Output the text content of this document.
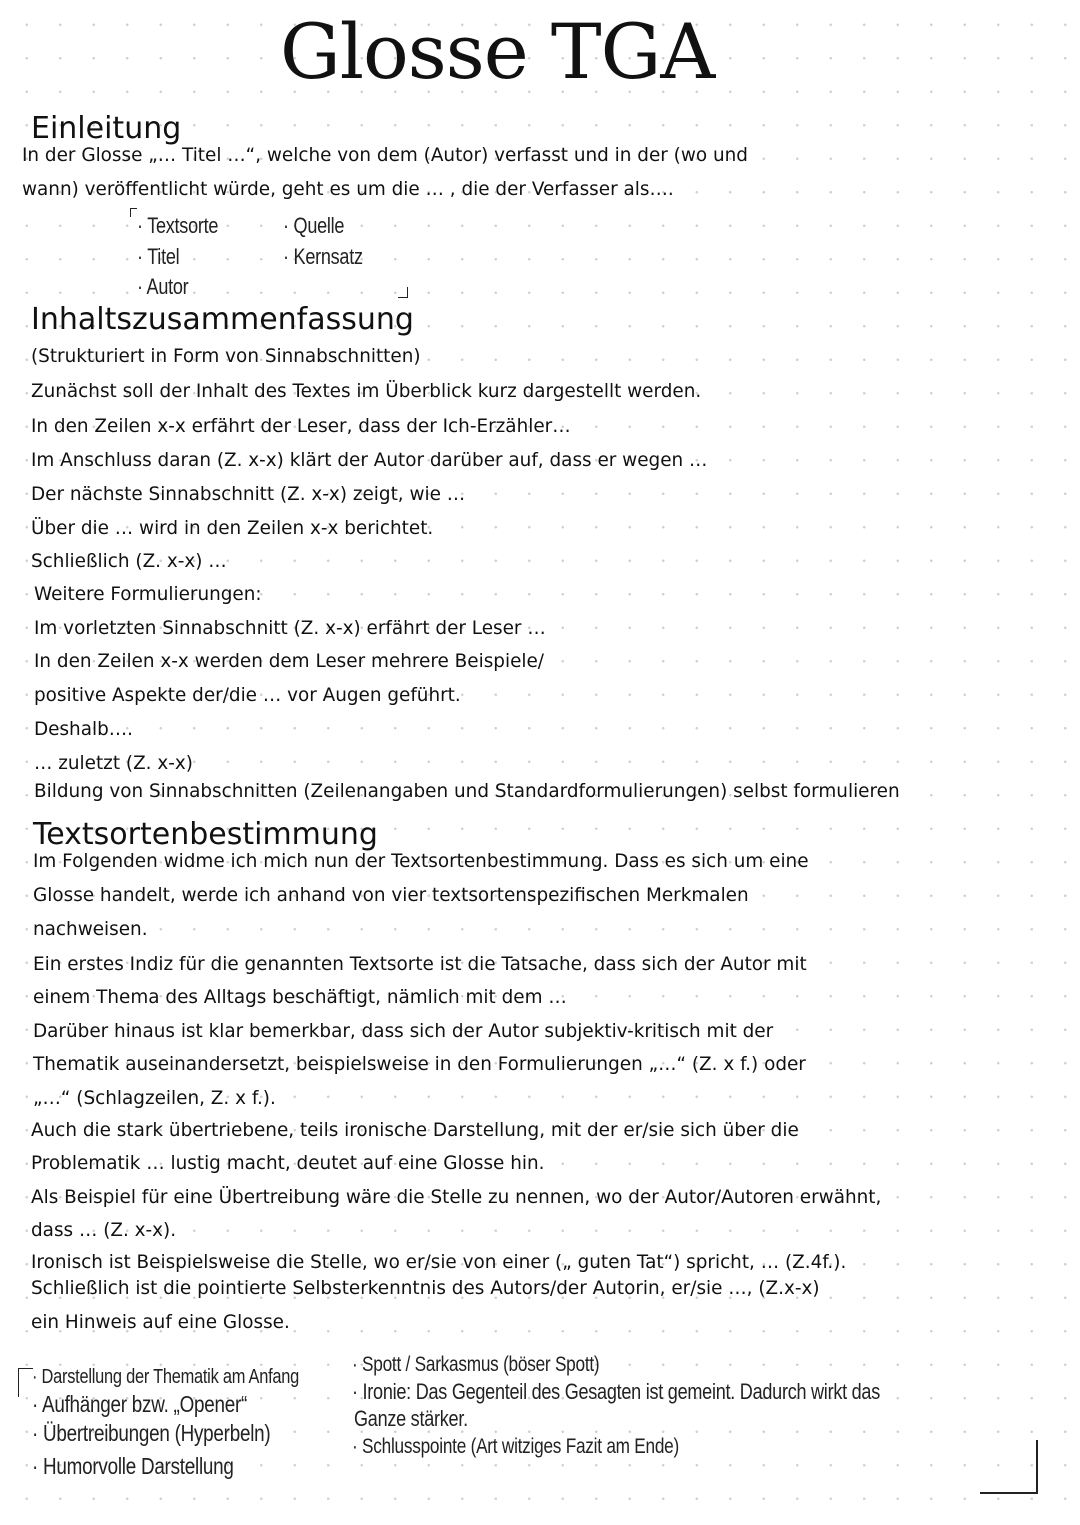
Glosse TGA
Einleitung
In der Glosse „… Titel …“, welche von dem (Autor) verfasst und in der (wo und
wann) veröffentlicht würde, geht es um die … , die der Verfasser als….
· Textsorte
· Titel
· Autor
· Quelle
· Kernsatz
Inhaltszusammenfassung
(Strukturiert in Form von Sinnabschnitten)
Zunächst soll der Inhalt des Textes im Überblick kurz dargestellt werden.
In den Zeilen x-x erfährt der Leser, dass der Ich-Erzähler…
Im Anschluss daran (Z. x-x) klärt der Autor darüber auf, dass er wegen …
Der nächste Sinnabschnitt (Z. x-x) zeigt, wie …
Über die … wird in den Zeilen x-x berichtet.
Schließlich (Z. x-x) …
Weitere Formulierungen:
Im vorletzten Sinnabschnitt (Z. x-x) erfährt der Leser …
In den Zeilen x-x werden dem Leser mehrere Beispiele/
positive Aspekte der/die … vor Augen geführt.
Deshalb….
… zuletzt (Z. x-x)
Bildung von Sinnabschnitten (Zeilenangaben und Standardformulierungen) selbst formulieren
Textsortenbestimmung
Im Folgenden widme ich mich nun der Textsortenbestimmung. Dass es sich um eine
Glosse handelt, werde ich anhand von vier textsortenspezifischen Merkmalen
nachweisen.
Ein erstes Indiz für die genannten Textsorte ist die Tatsache, dass sich der Autor mit
einem Thema des Alltags beschäftigt, nämlich mit dem …
Darüber hinaus ist klar bemerkbar, dass sich der Autor subjektiv-kritisch mit der
Thematik auseinandersetzt, beispielsweise in den Formulierungen „…“ (Z. x f.) oder
„…“ (Schlagzeilen, Z. x f.).
Auch die stark übertriebene, teils ironische Darstellung, mit der er/sie sich über die
Problematik … lustig macht, deutet auf eine Glosse hin.
Als Beispiel für eine Übertreibung wäre die Stelle zu nennen, wo der Autor/Autoren erwähnt,
dass … (Z. x-x).
Ironisch ist Beispielsweise die Stelle, wo er/sie von einer („ guten Tat“) spricht, … (Z.4f.).
Schließlich ist die pointierte Selbsterkenntnis des Autors/der Autorin, er/sie …, (Z.x-x)
ein Hinweis auf eine Glosse.
· Darstellung der Thematik am Anfang
· Aufhänger bzw. „Opener“
· Übertreibungen (Hyperbeln)
· Humorvolle Darstellung
· Spott / Sarkasmus (böser Spott)
· Ironie: Das Gegenteil des Gesagten ist gemeint. Dadurch wirkt das
Ganze stärker.
· Schlusspointe (Art witziges Fazit am Ende)
